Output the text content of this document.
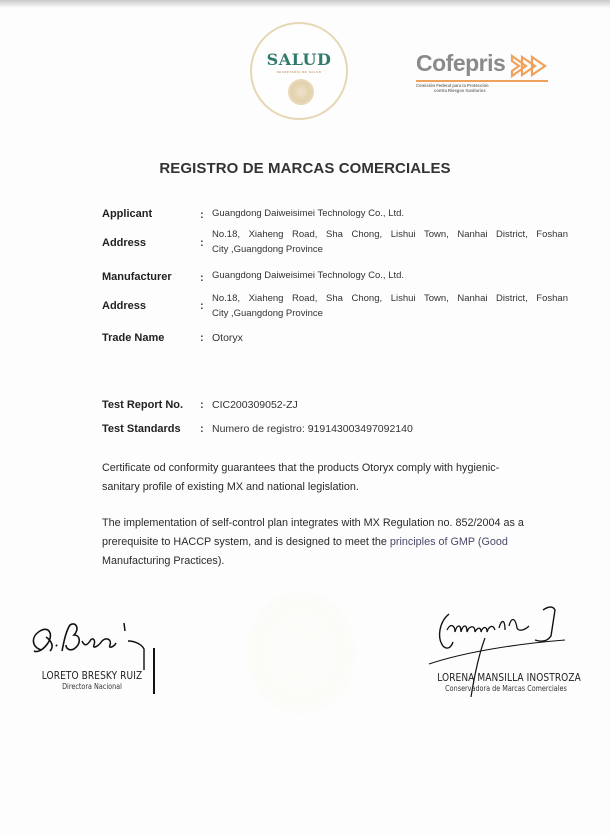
SALUD
SECRETARÍA DE SALUD	Cofepris
Comisión Federal para la Protección
contra Riesgos Sanitarios
REGISTRO DE MARCAS COMERCIALES
Applicant	: Guangdong Daiweisimei Technology Co., Ltd.
Address	:
No.18, Xiaheng Road, Sha Chong, Lishui Town, Nanhai District, Foshan
City ,Guangdong Province
Manufacturer	: Guangdong Daiweisimei Technology Co., Ltd.
Address	:
No.18, Xiaheng Road, Sha Chong, Lishui Town, Nanhai District, Foshan
City ,Guangdong Province
Trade Name	: Otoryx
Test Report No. : CIC200309052-ZJ
Test Standards : Numero de registro: 919143003497092140
Certificate od conformity guarantees that the products Otoryx comply with hygienic-sanitary profile of existing MX and national legislation.
The implementation of self-control plan integrates with MX Regulation no. 852/2004 as a prerequisite to HACCP system, and is designed to meet the principles of GMP (Good Manufacturing Practices).
LORETO BRESKY RUIZ
Directora Nacional
LORENA MANSILLA INOSTROZA
Conservadora de Marcas Comerciales
